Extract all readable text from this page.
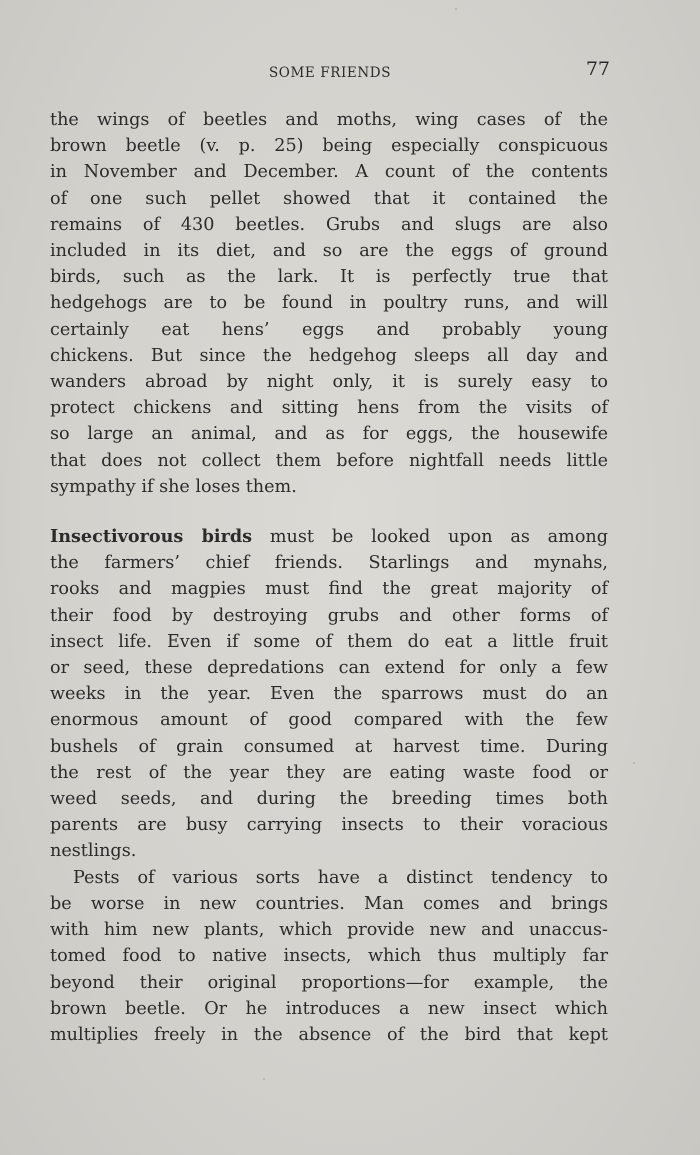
SOME FRIENDS	77
the wings of beetles and moths, wing cases of the
brown beetle (v. p. 25) being especially conspicuous
in November and December. A count of the contents
of one such pellet showed that it contained the
remains of 430 beetles. Grubs and slugs are also
included in its diet, and so are the eggs of ground
birds, such as the lark. It is perfectly true that
hedgehogs are to be found in poultry runs, and will
certainly eat hens’ eggs and probably young
chickens. But since the hedgehog sleeps all day and
wanders abroad by night only, it is surely easy to
protect chickens and sitting hens from the visits of
so large an animal, and as for eggs, the housewife
that does not collect them before nightfall needs little
sympathy if she loses them.
Insectivorous birds must be looked upon as among
the farmers’ chief friends. Starlings and mynahs,
rooks and magpies must find the great majority of
their food by destroying grubs and other forms of
insect life. Even if some of them do eat a little fruit
or seed, these depredations can extend for only a few
weeks in the year. Even the sparrows must do an
enormous amount of good compared with the few
bushels of grain consumed at harvest time. During
the rest of the year they are eating waste food or
weed seeds, and during the breeding times both
parents are busy carrying insects to their voracious
nestlings.
Pests of various sorts have a distinct tendency to
be worse in new countries. Man comes and brings
with him new plants, which provide new and unaccus-
tomed food to native insects, which thus multiply far
beyond their original proportions—for example, the
brown beetle. Or he introduces a new insect which
multiplies freely in the absence of the bird that kept
